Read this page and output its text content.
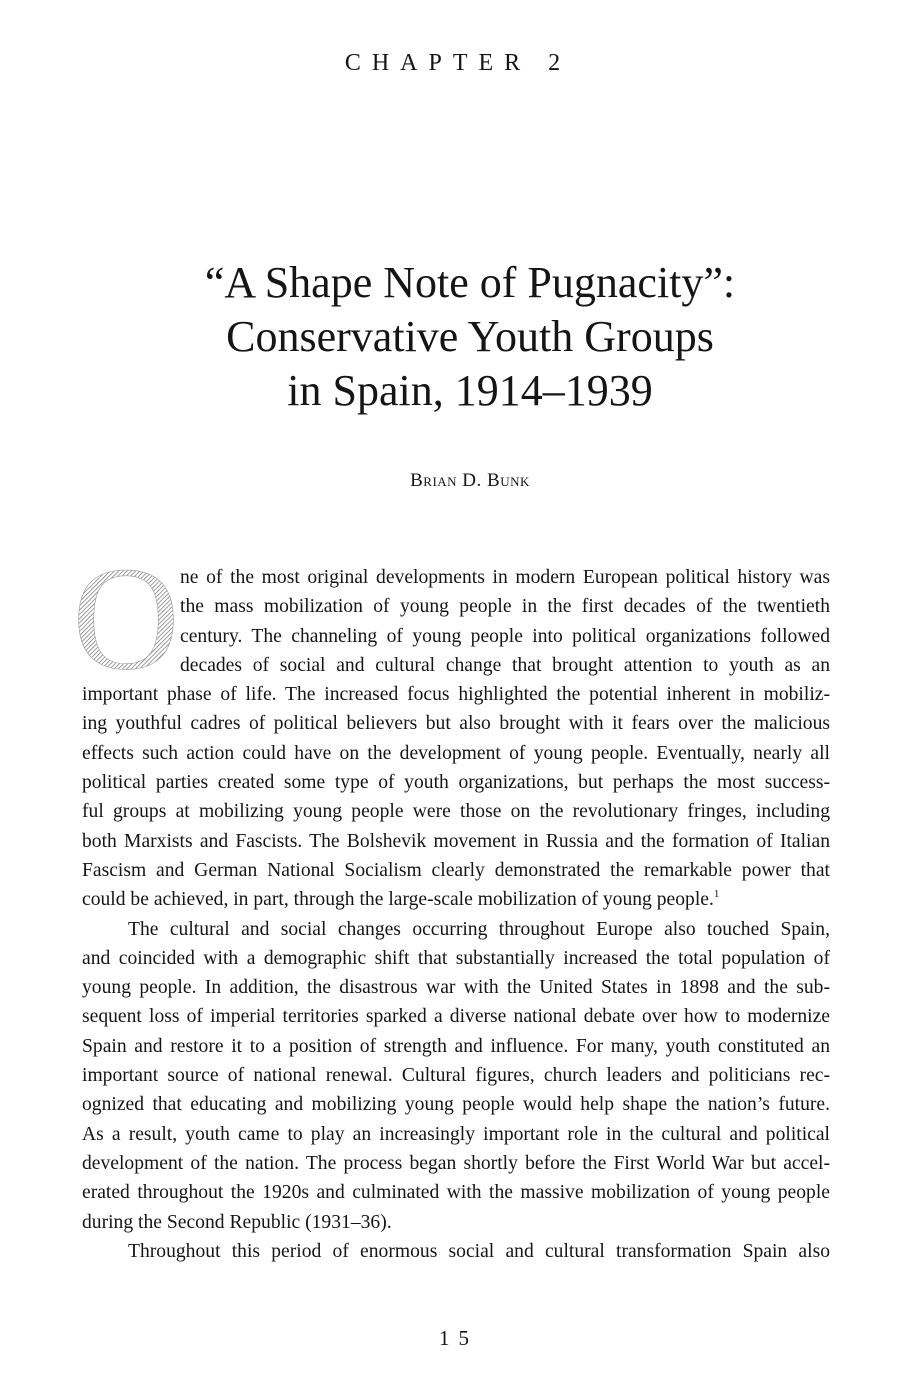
CHAPTER 2
“A Shape Note of Pugnacity”:
Conservative Youth Groups
in Spain, 1914–1939
Brian D. Bunk
O ne of the most original developments in modern European political history was
the mass mobilization of young people in the first decades of the twentieth
century. The channeling of young people into political organizations followed
decades of social and cultural change that brought attention to youth as an
important phase of life. The increased focus highlighted the potential inherent in mobiliz-
ing youthful cadres of political believers but also brought with it fears over the malicious
effects such action could have on the development of young people. Eventually, nearly all
political parties created some type of youth organizations, but perhaps the most success-
ful groups at mobilizing young people were those on the revolutionary fringes, including
both Marxists and Fascists. The Bolshevik movement in Russia and the formation of Italian
Fascism and German National Socialism clearly demonstrated the remarkable power that
could be achieved, in part, through the large-scale mobilization of young people.$^1$
The cultural and social changes occurring throughout Europe also touched Spain,
and coincided with a demographic shift that substantially increased the total population of
young people. In addition, the disastrous war with the United States in 1898 and the sub-
sequent loss of imperial territories sparked a diverse national debate over how to modernize
Spain and restore it to a position of strength and influence. For many, youth constituted an
important source of national renewal. Cultural figures, church leaders and politicians rec-
ognized that educating and mobilizing young people would help shape the nation’s future.
As a result, youth came to play an increasingly important role in the cultural and political
development of the nation. The process began shortly before the First World War but accel-
erated throughout the 1920s and culminated with the massive mobilization of young people
during the Second Republic (1931–36).
Throughout this period of enormous social and cultural transformation Spain also
15
